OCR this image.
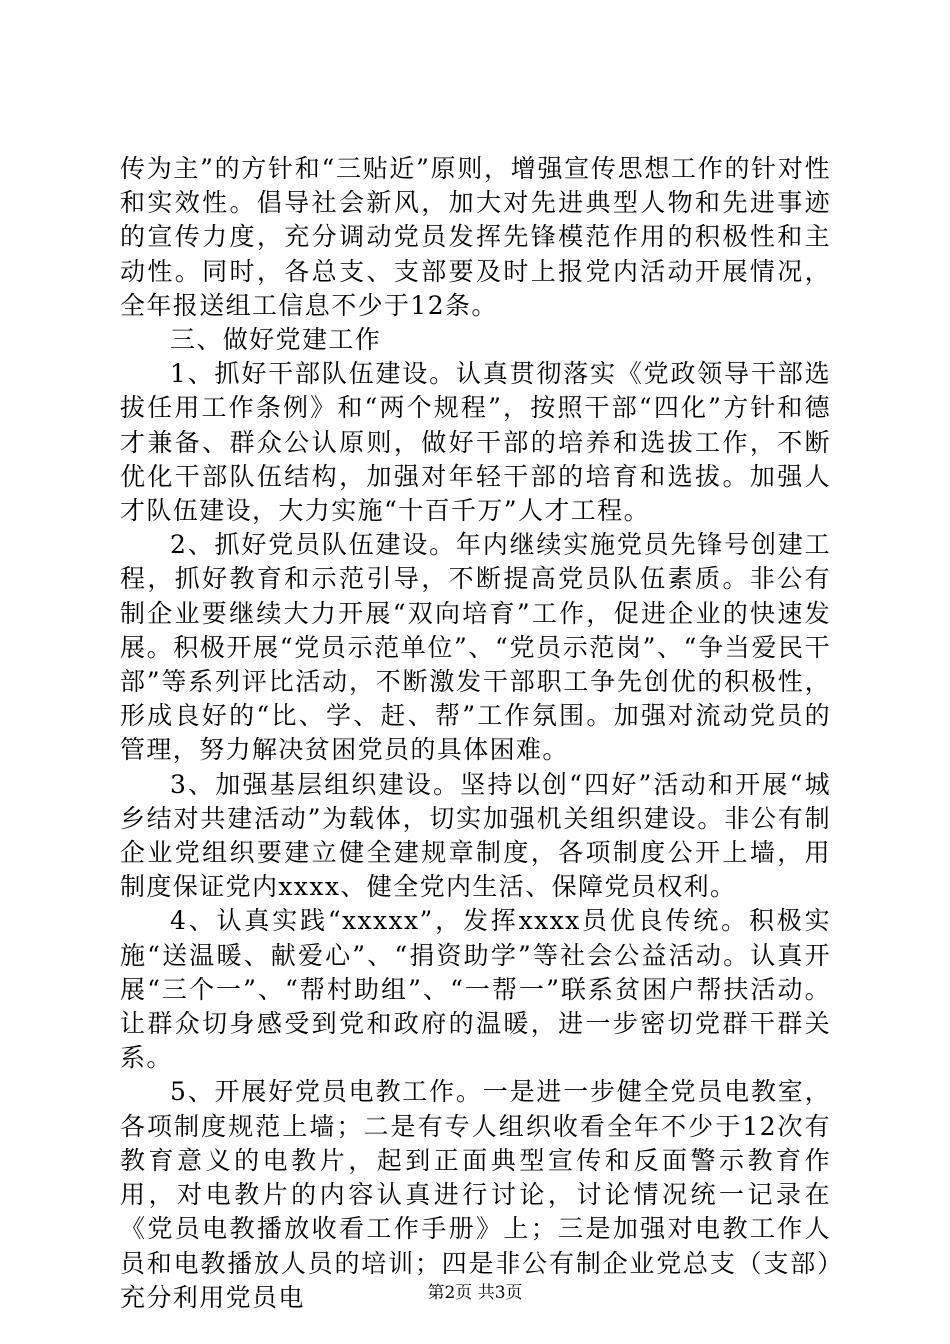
传为主”的方针和“三贴近”原则，增强宣传思想工作的针对性和实效性。倡导社会新风，加大对先进典型人物和先进事迹的宣传力度，充分调动党员发挥先锋模范作用的积极性和主动性。同时，各总支、支部要及时上报党内活动开展情况，全年报送组工信息不少于12条。

三、做好党建工作

1、抓好干部队伍建设。认真贯彻落实《党政领导干部选拔任用工作条例》和“两个规程”，按照干部“四化”方针和德才兼备、群众公认原则，做好干部的培养和选拔工作，不断优化干部队伍结构，加强对年轻干部的培育和选拔。加强人才队伍建设，大力实施“十百千万”人才工程。

2、抓好党员队伍建设。年内继续实施党员先锋号创建工程，抓好教育和示范引导，不断提高党员队伍素质。非公有制企业要继续大力开展“双向培育”工作，促进企业的快速发展。积极开展“党员示范单位”、“党员示范岗”、“争当爱民干部”等系列评比活动，不断激发干部职工争先创优的积极性，形成良好的“比、学、赶、帮”工作氛围。加强对流动党员的管理，努力解决贫困党员的具体困难。

3、加强基层组织建设。坚持以创“四好”活动和开展“城乡结对共建活动”为载体，切实加强机关组织建设。非公有制企业党组织要建立健全建规章制度，各项制度公开上墙，用制度保证党内xxxx、健全党内生活、保障党员权利。

4、认真实践“xxxxx”，发挥xxxx员优良传统。积极实施“送温暖、献爱心”、“捐资助学”等社会公益活动。认真开展“三个一”、“帮村助组”、“一帮一”联系贫困户帮扶活动。让群众切身感受到党和政府的温暖，进一步密切党群干群关系。

5、开展好党员电教工作。一是进一步健全党员电教室，各项制度规范上墙；二是有专人组织收看全年不少于12次有教育意义的电教片，起到正面典型宣传和反面警示教育作用，对电教片的内容认真进行讨论，讨论情况统一记录在《党员电教播放收看工作手册》上；三是加强对电教工作人员和电教播放人员的培训；四是非公有制企业党总支（支部）充分利用党员电	第2页 共3页
